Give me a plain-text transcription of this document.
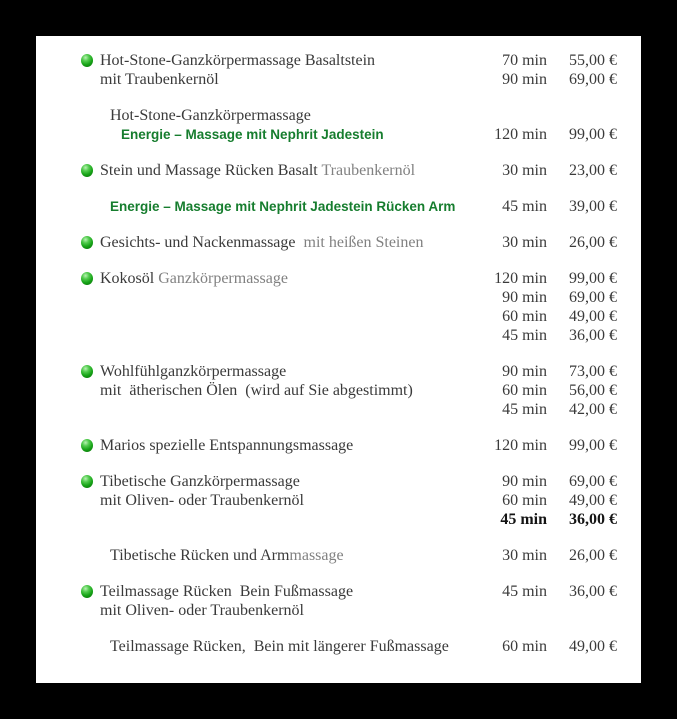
Hot-Stone-Ganzkörpermassage Basaltstein
mit Traubenkernöl
70 min	55,00 €
90 min	69,00 €
Hot-Stone-Ganzkörpermassage
Energie – Massage mit Nephrit Jadestein

	120 min	99,00 €
Stein und Massage Rücken Basalt Traubenkernöl	30 min	23,00 €
Energie – Massage mit Nephrit Jadestein Rücken Arm	45 min	39,00 €
Gesichts- und Nackenmassage  mit heißen Steinen	30 min	26,00 €
Kokosöl Ganzkörpermassage	120 min	99,00 €
90 min	69,00 €
60 min	49,00 €
45 min	36,00 €
Wohlfühlganzkörpermassage
mit  ätherischen Ölen  (wird auf Sie abgestimmt)
90 min	73,00 €
60 min	56,00 €
45 min	42,00 €
Marios spezielle Entspannungsmassage	120 min	99,00 €
Tibetische Ganzkörpermassage
mit Oliven- oder Traubenkernöl
90 min	69,00 €
60 min	49,00 €
45 min	36,00 €
Tibetische Rücken und Armmassage	30 min	26,00 €
Teilmassage Rücken  Bein Fußmassage
mit Oliven- oder Traubenkernöl
45 min	36,00 €
Teilmassage Rücken,  Bein mit längerer Fußmassage	60 min	49,00 €
